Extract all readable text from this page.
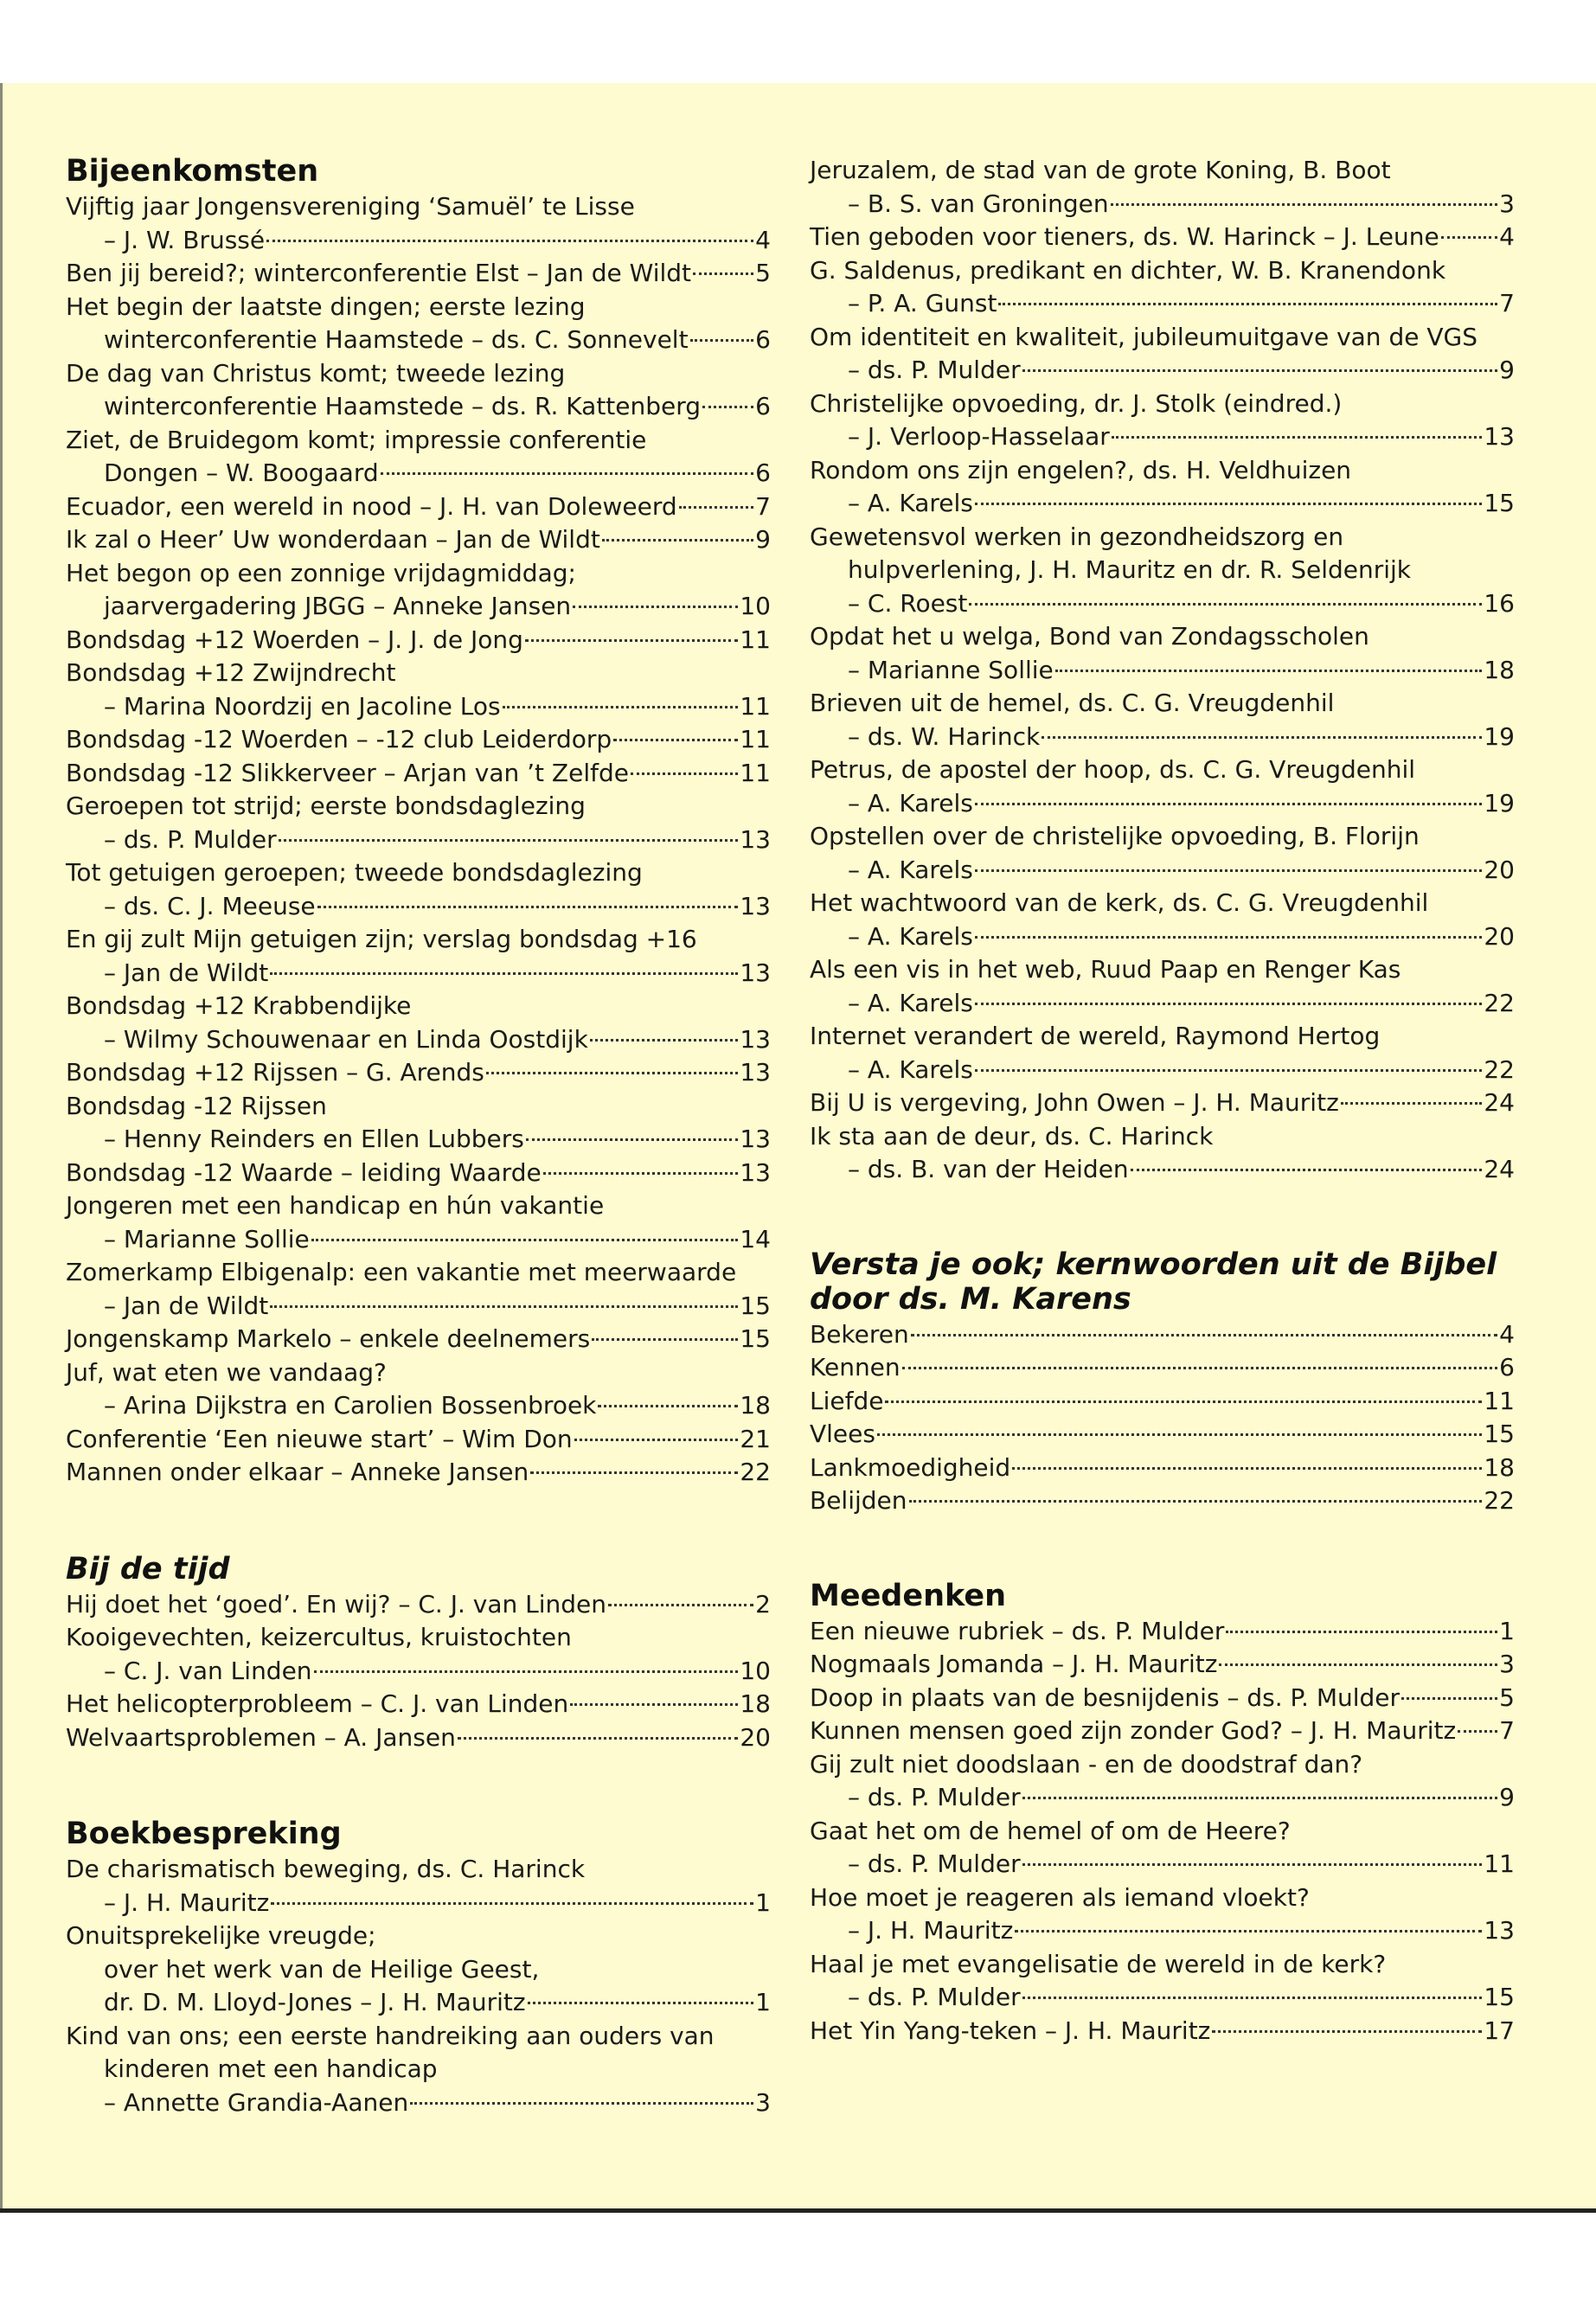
Bijeenkomsten
Vijftig jaar Jongensvereniging ‘Samuël’ te Lisse
– J. W. Brussé	4
Ben jij bereid?; winterconferentie Elst – Jan de Wildt	5
Het begin der laatste dingen; eerste lezing
winterconferentie Haamstede – ds. C. Sonnevelt	6
De dag van Christus komt; tweede lezing
winterconferentie Haamstede – ds. R. Kattenberg 6
Ziet, de Bruidegom komt; impressie conferentie
Dongen – W. Boogaard	6
Ecuador, een wereld in nood – J. H. van Doleweerd	7
Ik zal o Heer’ Uw wonderdaan – Jan de Wildt	9
Het begon op een zonnige vrijdagmiddag;
jaarvergadering JBGG – Anneke Jansen	10
Bondsdag +12 Woerden – J. J. de Jong	11
Bondsdag +12 Zwijndrecht
– Marina Noordzij en Jacoline Los	11
Bondsdag -12 Woerden – -12 club Leiderdorp	11
Bondsdag -12 Slikkerveer – Arjan van ’t Zelfde	11
Geroepen tot strijd; eerste bondsdaglezing
– ds. P. Mulder	13
Tot getuigen geroepen; tweede bondsdaglezing
– ds. C. J. Meeuse	13
En gij zult Mijn getuigen zijn; verslag bondsdag +16
– Jan de Wildt	13
Bondsdag +12 Krabbendijke
– Wilmy Schouwenaar en Linda Oostdijk	13
Bondsdag +12 Rijssen – G. Arends	13
Bondsdag -12 Rijssen
– Henny Reinders en Ellen Lubbers	13
Bondsdag -12 Waarde – leiding Waarde	13
Jongeren met een handicap en hún vakantie
– Marianne Sollie	14
Zomerkamp Elbigenalp: een vakantie met meerwaarde
– Jan de Wildt	15
Jongenskamp Markelo – enkele deelnemers	15
Juf, wat eten we vandaag?
– Arina Dijkstra en Carolien Bossenbroek	18
Conferentie ‘Een nieuwe start’ – Wim Don	21
Mannen onder elkaar – Anneke Jansen	22
Bij de tijd
Hij doet het ‘goed’. En wij? – C. J. van Linden	2
Kooigevechten, keizercultus, kruistochten
– C. J. van Linden	10
Het helicopterprobleem – C. J. van Linden	18
Welvaartsproblemen – A. Jansen	20
Boekbespreking
De charismatisch beweging, ds. C. Harinck
– J. H. Mauritz	1
Onuitsprekelijke vreugde;
over het werk van de Heilige Geest,
dr. D. M. Lloyd-Jones – J. H. Mauritz	1
Kind van ons; een eerste handreiking aan ouders van
kinderen met een handicap
– Annette Grandia-Aanen	3
Jeruzalem, de stad van de grote Koning, B. Boot
– B. S. van Groningen	3
Tien geboden voor tieners, ds. W. Harinck – J. Leune 4
G. Saldenus, predikant en dichter, W. B. Kranendonk
– P. A. Gunst	7
Om identiteit en kwaliteit, jubileumuitgave van de VGS
– ds. P. Mulder	9
Christelijke opvoeding, dr. J. Stolk (eindred.)
– J. Verloop-Hasselaar	13
Rondom ons zijn engelen?, ds. H. Veldhuizen
– A. Karels	15
Gewetensvol werken in gezondheidszorg en
hulpverlening, J. H. Mauritz en dr. R. Seldenrijk
– C. Roest	16
Opdat het u welga, Bond van Zondagsscholen
– Marianne Sollie	18
Brieven uit de hemel, ds. C. G. Vreugdenhil
– ds. W. Harinck	19
Petrus, de apostel der hoop, ds. C. G. Vreugdenhil
– A. Karels	19
Opstellen over de christelijke opvoeding, B. Florijn
– A. Karels	20
Het wachtwoord van de kerk, ds. C. G. Vreugdenhil
– A. Karels	20
Als een vis in het web, Ruud Paap en Renger Kas
– A. Karels	22
Internet verandert de wereld, Raymond Hertog
– A. Karels	22
Bij U is vergeving, John Owen – J. H. Mauritz	24
Ik sta aan de deur, ds. C. Harinck
– ds. B. van der Heiden	24
Versta je ook; kernwoorden uit de Bijbel door ds. M. Karens
Bekeren	4
Kennen	6
Liefde	11
Vlees	15
Lankmoedigheid	18
Belijden	22
Meedenken
Een nieuwe rubriek – ds. P. Mulder	1
Nogmaals Jomanda – J. H. Mauritz	3
Doop in plaats van de besnijdenis – ds. P. Mulder	5
Kunnen mensen goed zijn zonder God? – J. H. Mauritz 7
Gij zult niet doodslaan - en de doodstraf dan?
– ds. P. Mulder	9
Gaat het om de hemel of om de Heere?
– ds. P. Mulder	11
Hoe moet je reageren als iemand vloekt?
– J. H. Mauritz	13
Haal je met evangelisatie de wereld in de kerk?
– ds. P. Mulder	15
Het Yin Yang-teken – J. H. Mauritz	17
